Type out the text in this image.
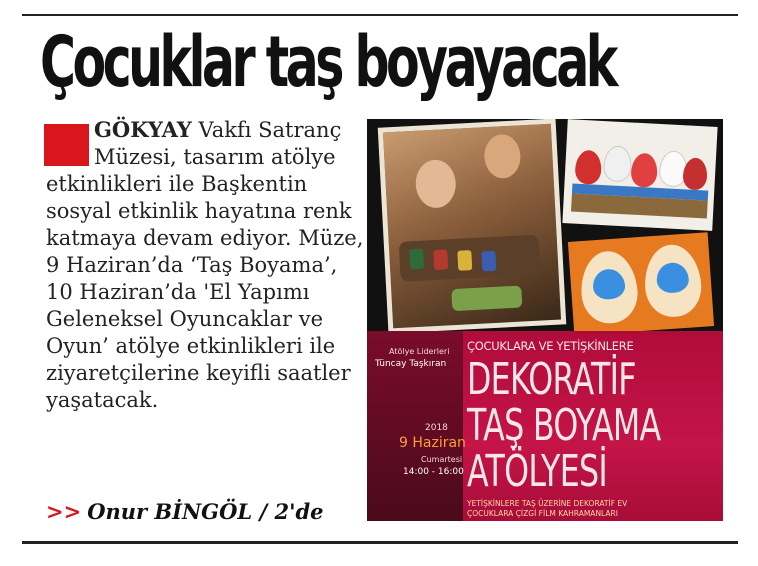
Çocuklar taş boyayacak

GÖKYAY Vakfı Satranç Müzesi, tasarım atölye etkinlikleri ile Başkentin sosyal etkinlik hayatına renk katmaya devam ediyor. Müze, 9 Haziran’da ‘Taş Boyama’, 10 Haziran’da 'El Yapımı Geleneksel Oyuncaklar ve Oyun’ atölye etkinlikleri ile ziyaretçilerine keyifli saatler yaşatacak.

>> Onur BİNGÖL / 2'de
Atölye Liderleri
Tüncay Taşkıran
2018
9 Haziran
Cumartesi
14:00 - 16:00
ÇOCUKLARA VE YETİŞKİNLERE
DEKORATİF
TAŞ BOYAMA
ATÖLYESİ
YETİŞKİNLERE TAŞ ÜZERİNE DEKORATİF EV
ÇOCUKLARA ÇİZGİ FİLM KAHRAMANLARI
